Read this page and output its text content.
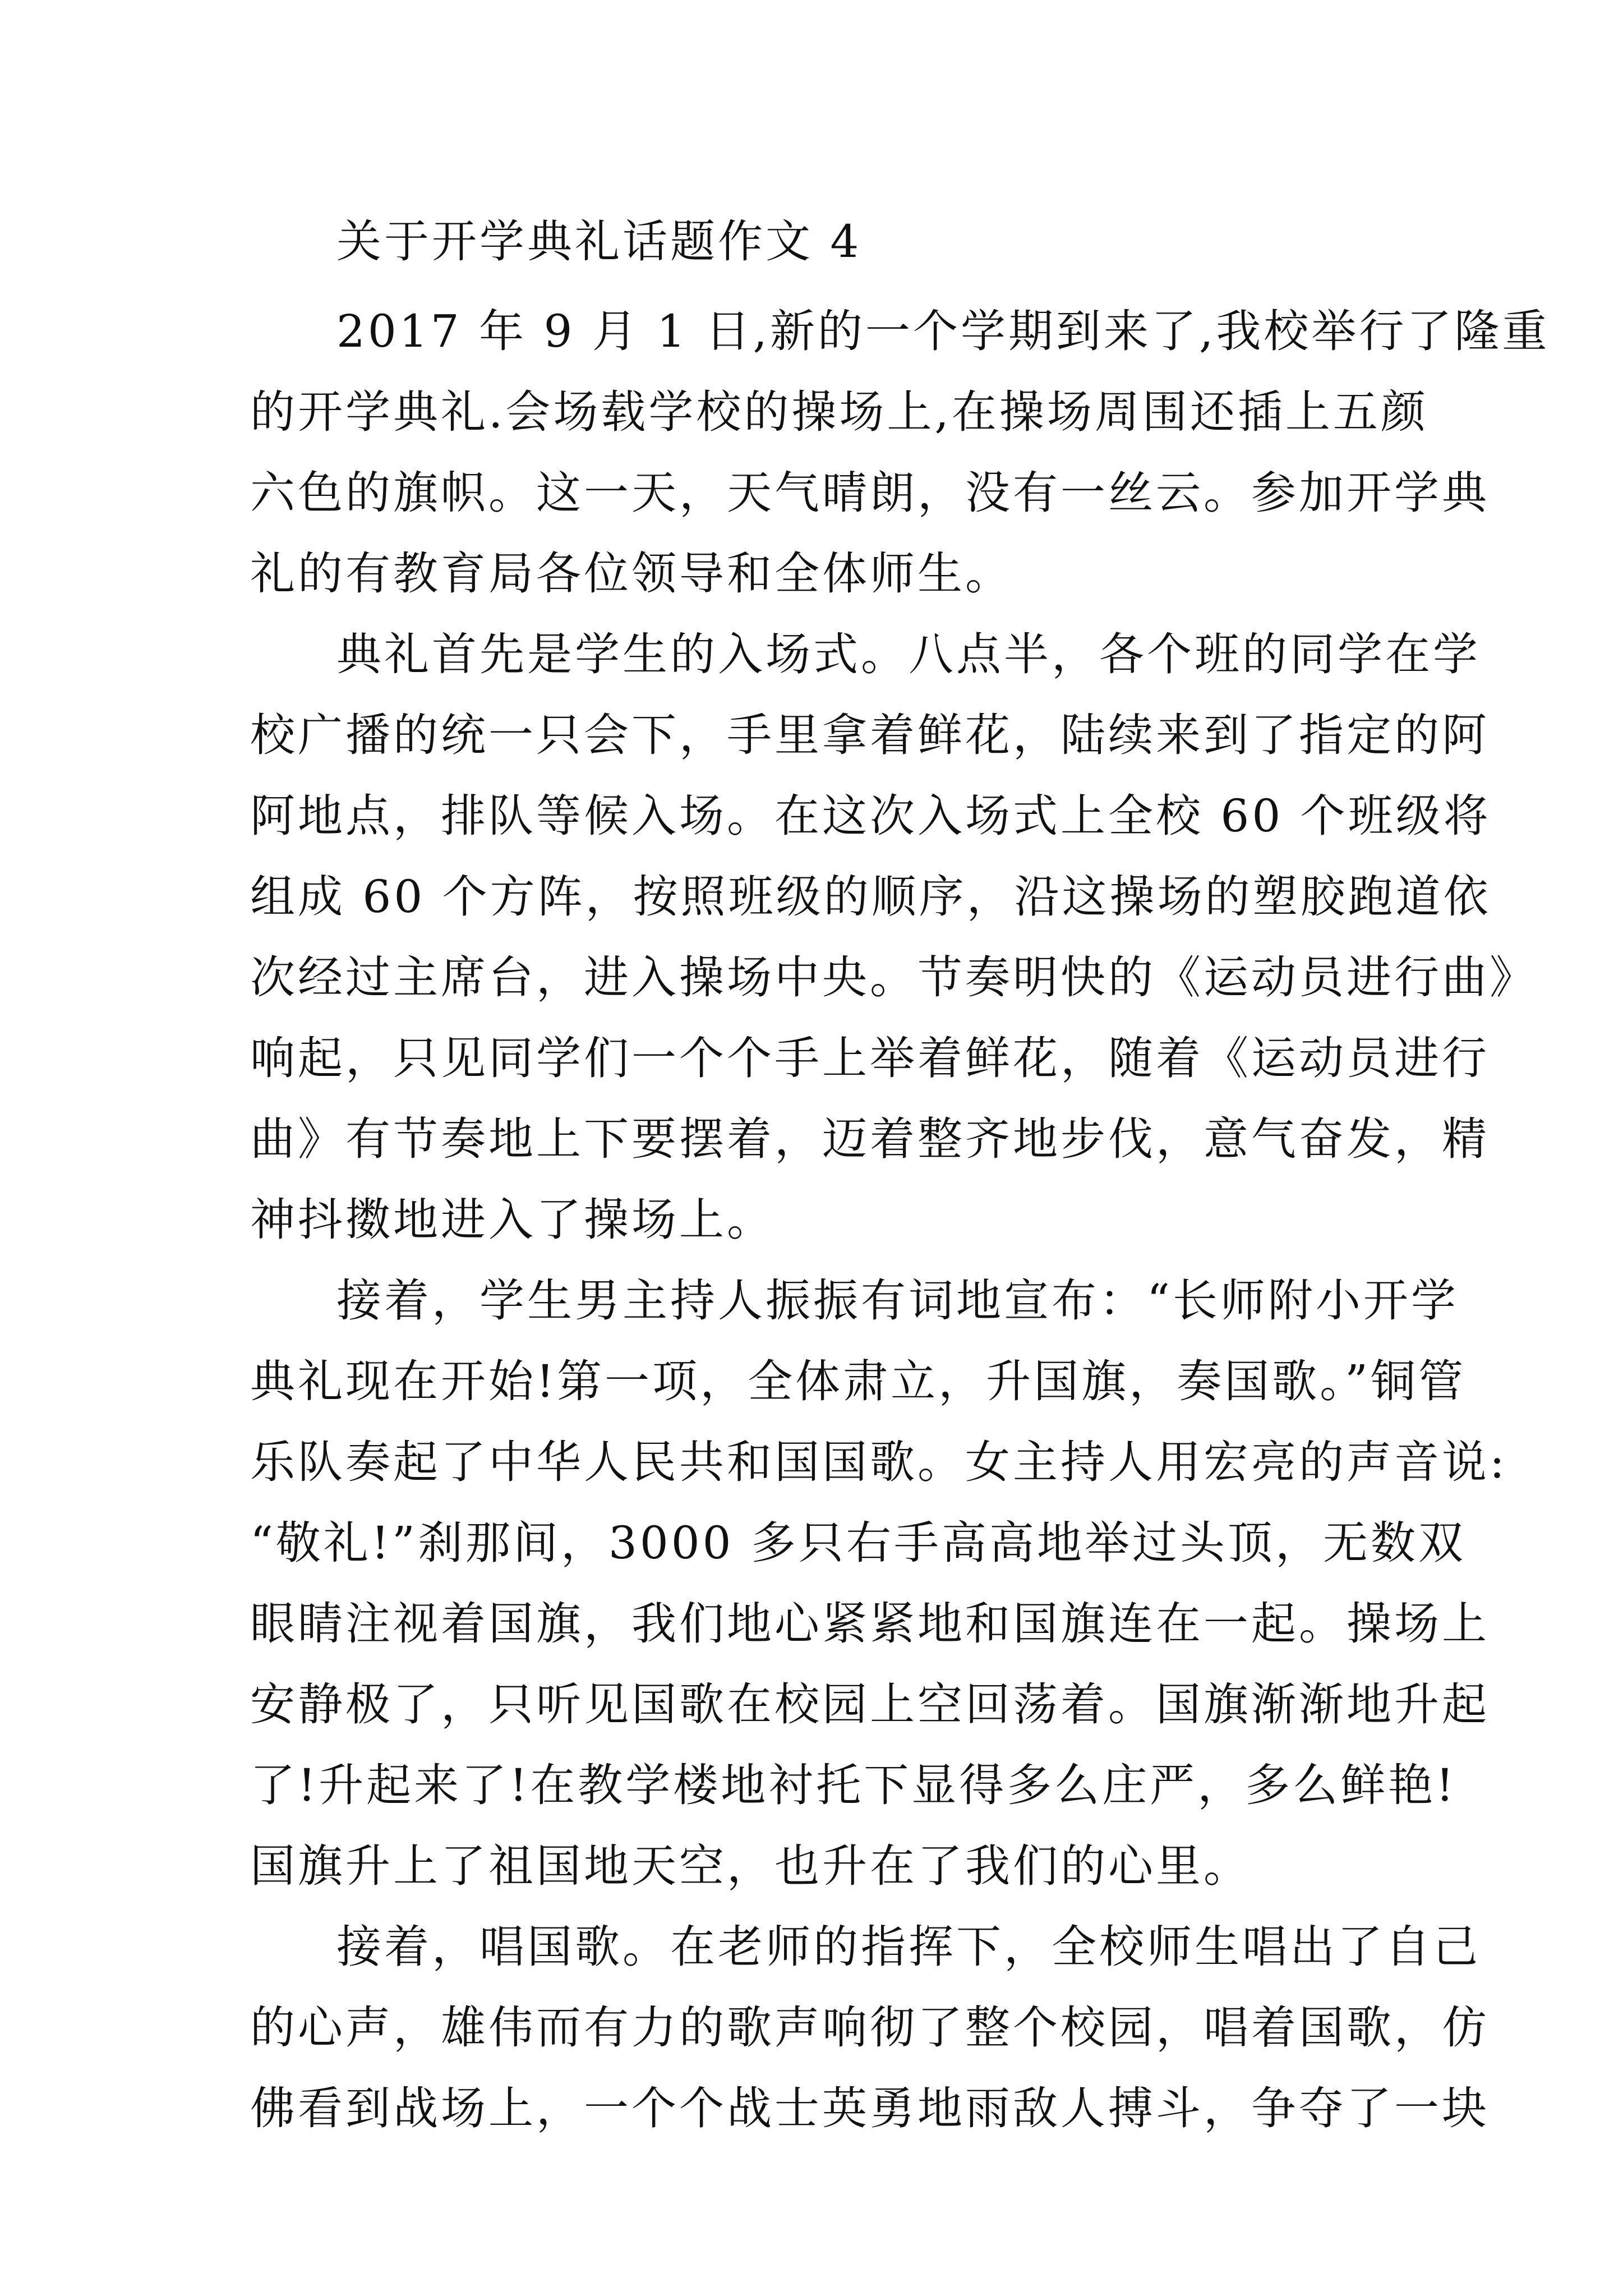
关于开学典礼话题作文 4
2017 年 9 月 1 日,新的一个学期到来了,我校举行了隆重
的开学典礼.会场载学校的操场上,在操场周围还插上五颜
六色的旗帜。这一天，天气晴朗，没有一丝云。参加开学典
礼的有教育局各位领导和全体师生。
典礼首先是学生的入场式。八点半，各个班的同学在学
校广播的统一只会下，手里拿着鲜花，陆续来到了指定的阿
阿地点，排队等候入场。在这次入场式上全校 60 个班级将
组成 60 个方阵，按照班级的顺序，沿这操场的塑胶跑道依
次经过主席台，进入操场中央。节奏明快的《运动员进行曲》
响起，只见同学们一个个手上举着鲜花，随着《运动员进行
曲》有节奏地上下要摆着，迈着整齐地步伐，意气奋发，精
神抖擞地进入了操场上。
接着，学生男主持人振振有词地宣布：“长师附小开学
典礼现在开始!第一项，全体肃立，升国旗，奏国歌。”铜管
乐队奏起了中华人民共和国国歌。女主持人用宏亮的声音说:
“敬礼!”刹那间，3000 多只右手高高地举过头顶，无数双
眼睛注视着国旗，我们地心紧紧地和国旗连在一起。操场上
安静极了，只听见国歌在校园上空回荡着。国旗渐渐地升起
了!升起来了!在教学楼地衬托下显得多么庄严，多么鲜艳!
国旗升上了祖国地天空，也升在了我们的心里。
接着，唱国歌。在老师的指挥下，全校师生唱出了自己
的心声，雄伟而有力的歌声响彻了整个校园，唱着国歌，仿
佛看到战场上，一个个战士英勇地雨敌人搏斗，争夺了一块
